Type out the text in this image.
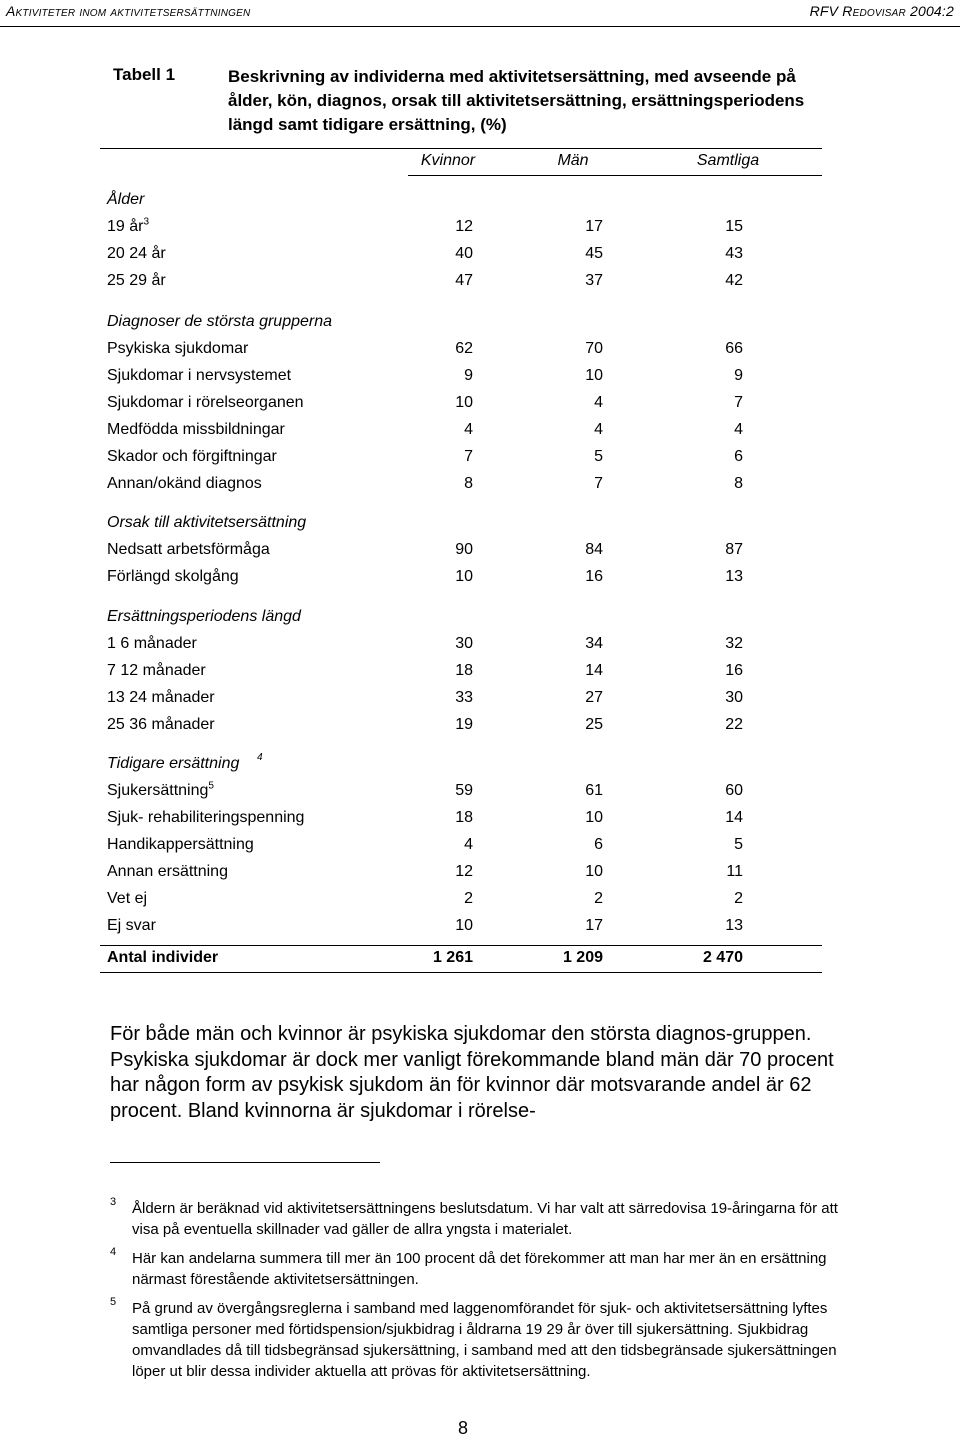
Aktiviteter inom aktivitetsersättningen	RFV Redovisar 2004:2
Tabell 1	Beskrivning av individerna med aktivitetsersättning, med avseende på ålder, kön, diagnos, orsak till aktivitetsersättning, ersättningsperiodens längd samt tidigare ersättning, (%)
Kvinnor	Män	Samtliga
Ålder
19 $år^3$	12	17	15
20 24 år	40	45	43
25 29 år	47	37	42
Diagnoser de största grupperna
Psykiska sjukdomar	62	70	66
Sjukdomar i nervsystemet	9	10	9
Sjukdomar i rörelseorganen	10	4	7
Medfödda missbildningar	4	4	4
Skador och förgiftningar	7	5	6
Annan/okänd diagnos	8	7	8
Orsak till aktivitetsersättning
Nedsatt arbetsförmåga	90	84	87
Förlängd skolgång	10	16	13
Ersättningsperiodens längd
1 6 månader	30	34	32
7 12 månader	18	14	16
13 24 månader	33	27	30
25 36 månader	19	25	22
Tidigare ersättning 4
Sjukersättning$^5$	59	61	60
Sjuk- rehabiliteringspenning	18	10	14
Handikappersättning	4	6	5
Annan ersättning	12	10	11
Vet ej	2	2	2
Ej svar	10	17	13
Antal individer	1 261	1 209	2 470
För både män och kvinnor är psykiska sjukdomar den största diagnos-gruppen. Psykiska sjukdomar är dock mer vanligt förekommande bland män där 70 procent har någon form av psykisk sjukdom än för kvinnor där motsvarande andel är 62 procent. Bland kvinnorna är sjukdomar i rörelse-
3 Åldern är beräknad vid aktivitetsersättningens beslutsdatum. Vi har valt att särredovisa 19-åringarna för att visa på eventuella skillnader vad gäller de allra yngsta i materialet.
4 Här kan andelarna summera till mer än 100 procent då det förekommer att man har mer än en ersättning närmast förestående aktivitetsersättningen.
5 På grund av övergångsreglerna i samband med laggenomförandet för sjuk- och aktivitetsersättning lyftes samtliga personer med förtidspension/sjukbidrag i åldrarna 19 29 år över till sjukersättning. Sjukbidrag omvandlades då till tidsbegränsad sjukersättning, i samband med att den tidsbegränsade sjukersättningen löper ut blir dessa individer aktuella att prövas för aktivitetsersättning.
8
